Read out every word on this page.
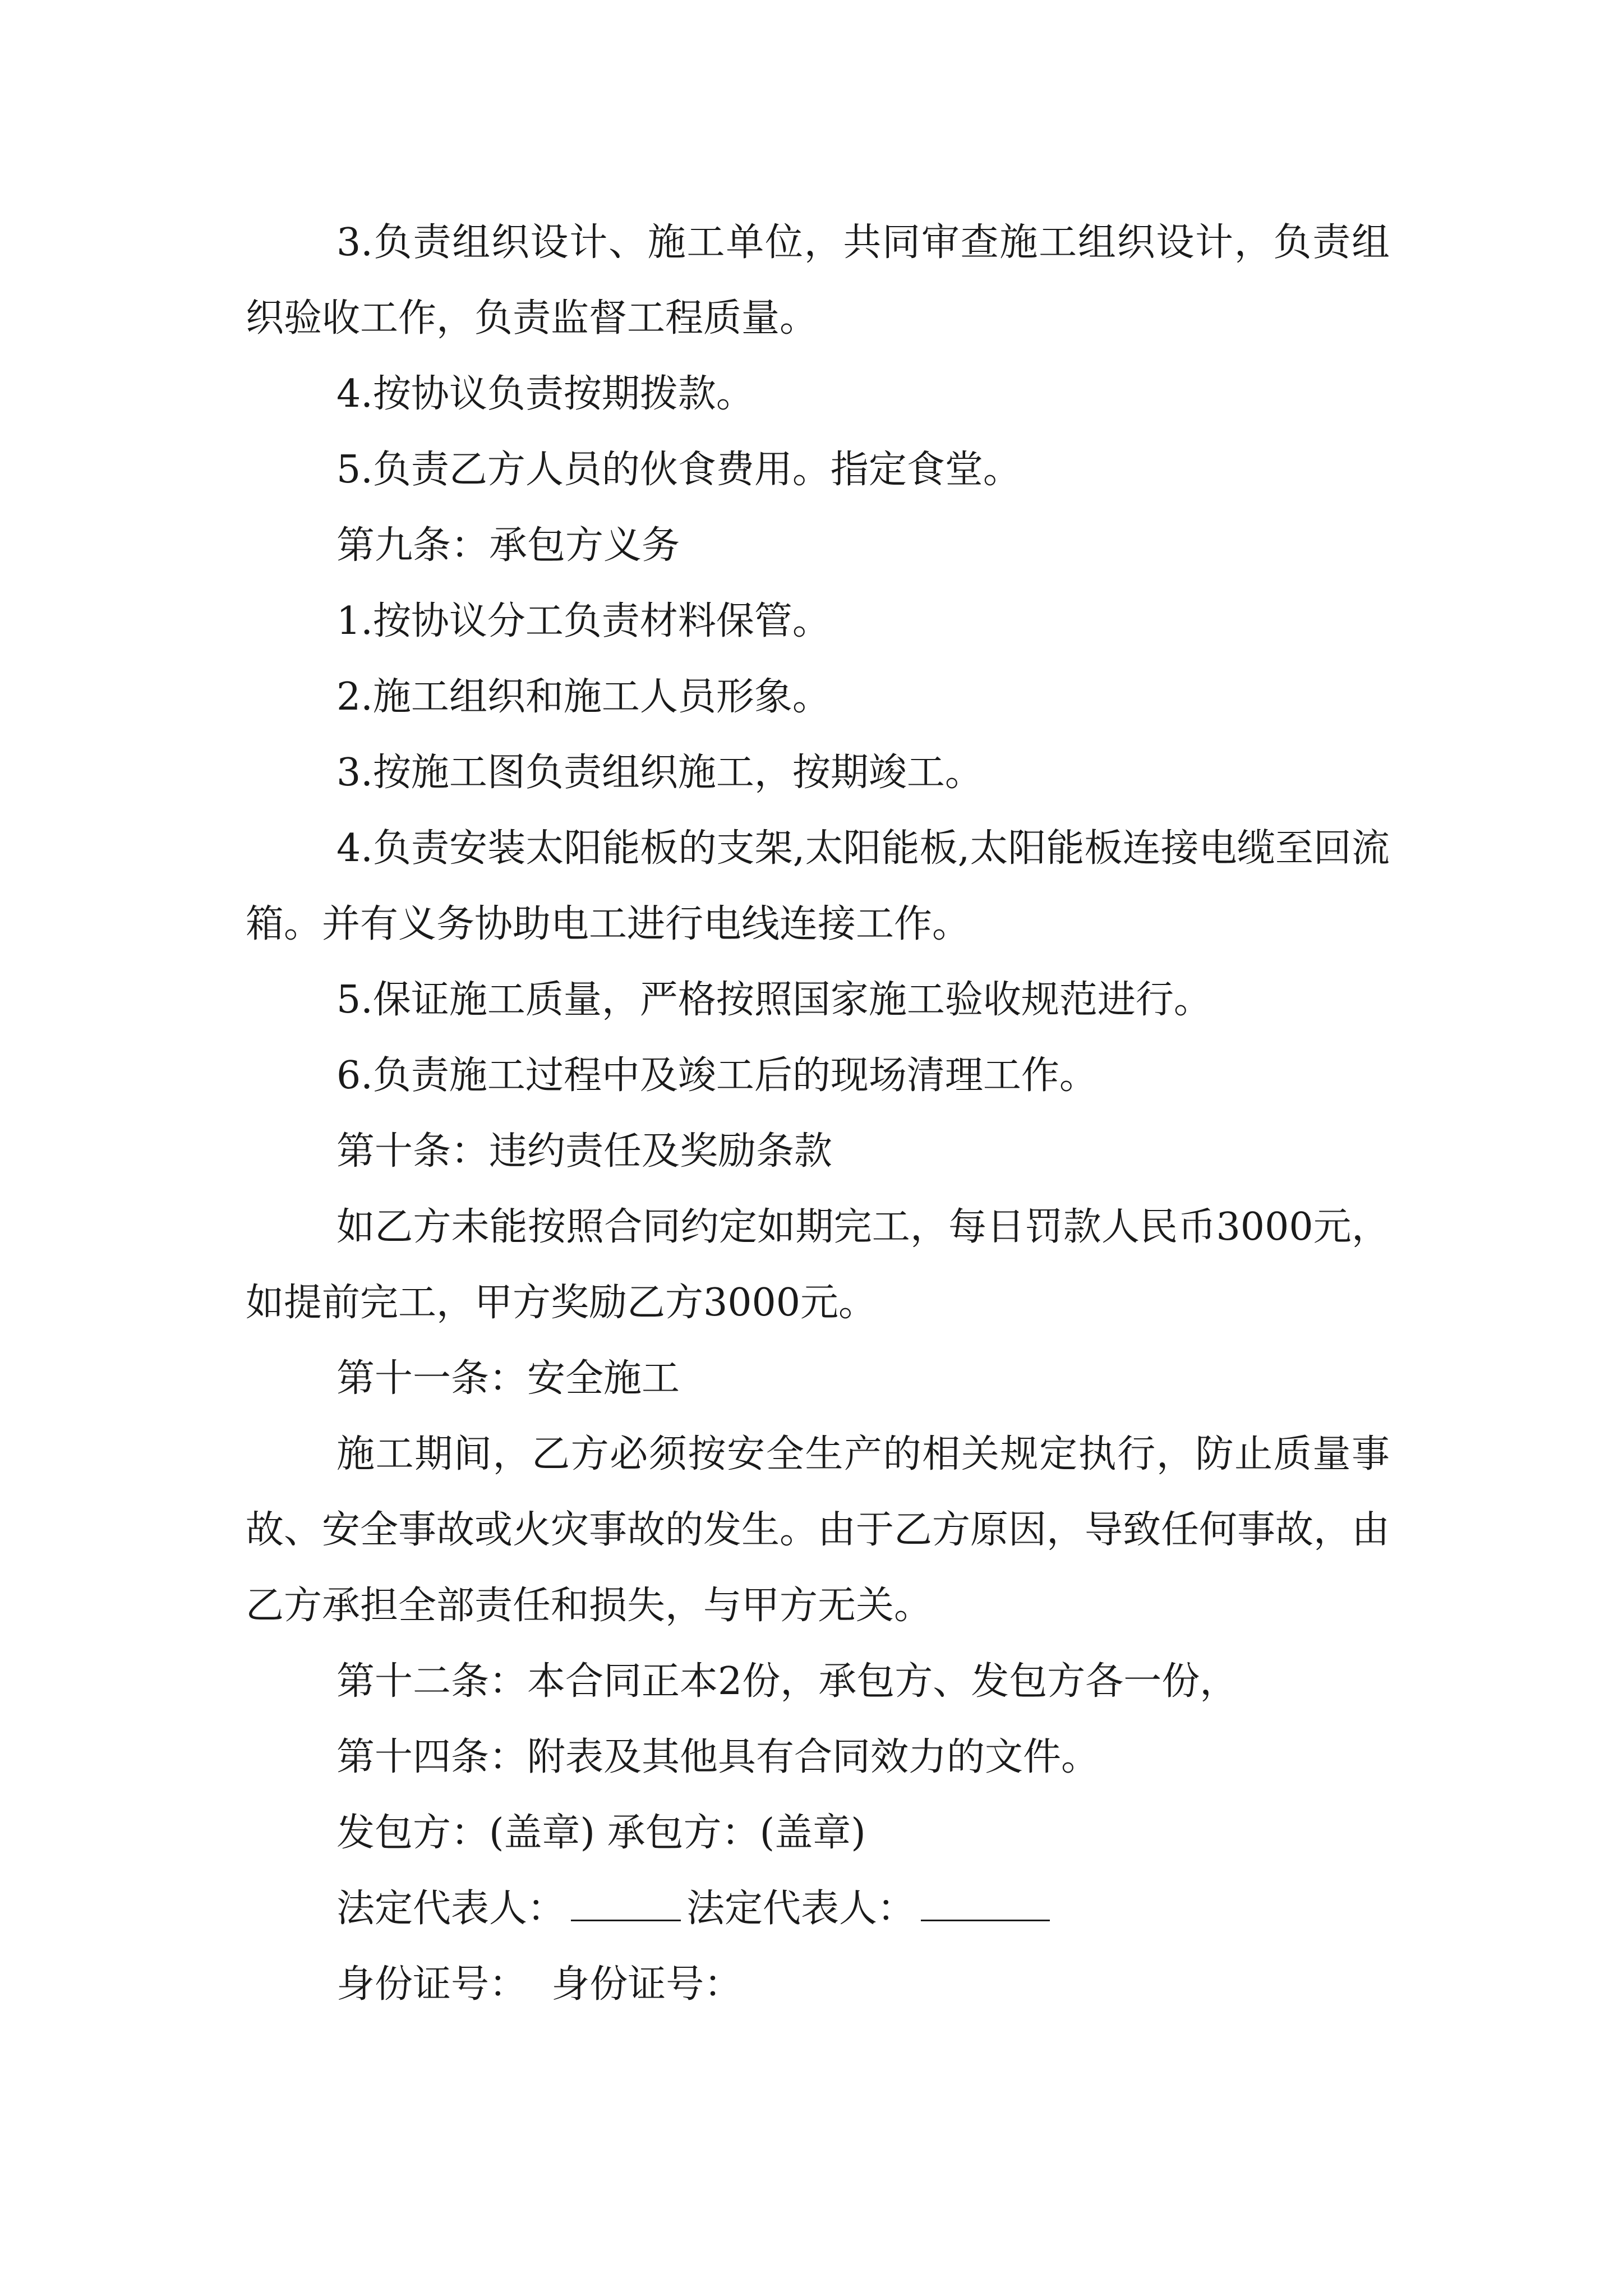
3.负责组织设计、施工单位，共同审查施工组织设计，负责组织验收工作，负责监督工程质量。

4.按协议负责按期拨款。

5.负责乙方人员的伙食费用。指定食堂。

第九条：承包方义务

1.按协议分工负责材料保管。

2.施工组织和施工人员形象。

3.按施工图负责组织施工，按期竣工。

4.负责安装太阳能板的支架,太阳能板,太阳能板连接电缆至回流箱。并有义务协助电工进行电线连接工作。

5.保证施工质量，严格按照国家施工验收规范进行。

6.负责施工过程中及竣工后的现场清理工作。

第十条：违约责任及奖励条款

如乙方未能按照合同约定如期完工，每日罚款人民币3000元，如提前完工，甲方奖励乙方3000元。

第十一条：安全施工

施工期间，乙方必须按安全生产的相关规定执行，防止质量事故、安全事故或火灾事故的发生。由于乙方原因，导致任何事故，由乙方承担全部责任和损失，与甲方无关。

第十二条：本合同正本2份，承包方、发包方各一份，

第十四条：附表及其他具有合同效力的文件。

发包方：(盖章) 承包方：(盖章)

法定代表人：	法定代表人：

身份证号： 身份证号：
